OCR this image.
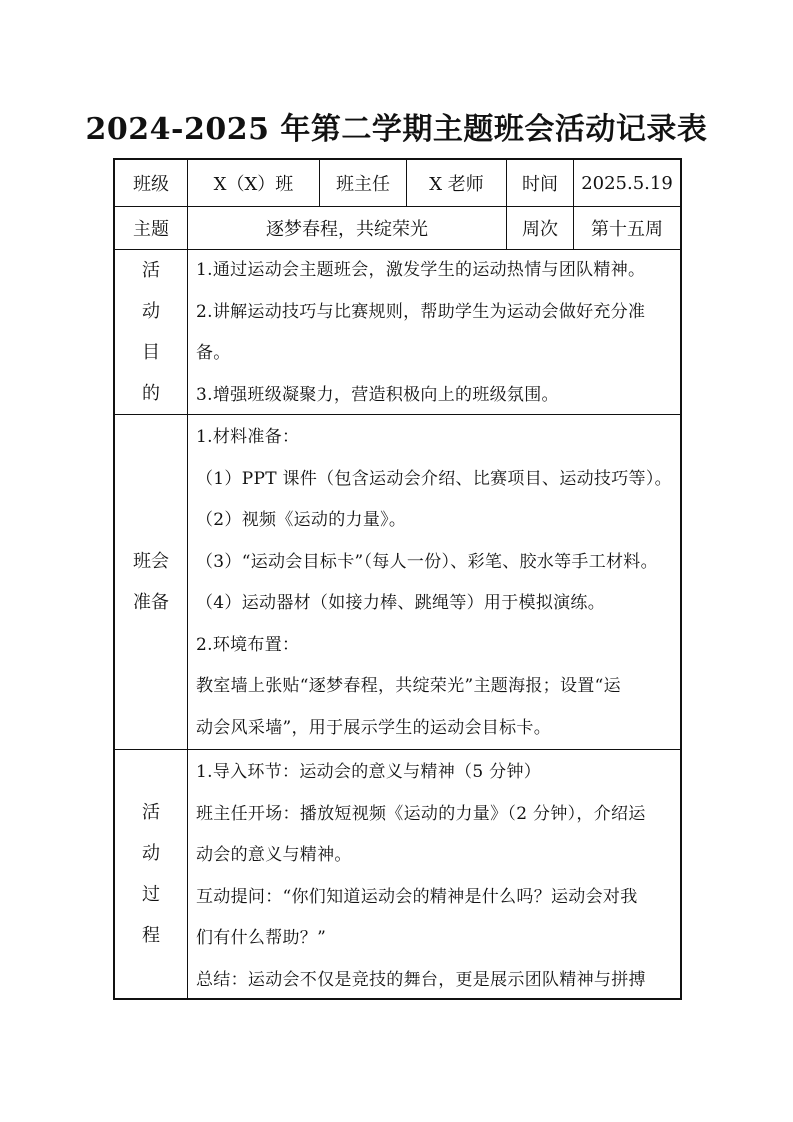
2024-2025 年第二学期主题班会活动记录表
班级 X（X）班 班主任 X 老师 时间 2025.5.19
主题	逐梦春程，共绽荣光	周次 第十五周
活
动
目
的

1.通过运动会主题班会，激发学生的运动热情与团队精神。

2.讲解运动技巧与比赛规则，帮助学生为运动会做好充分准

备。

3.增强班级凝聚力，营造积极向上的班级氛围。

班会
准备

1.材料准备：

（1）PPT 课件（包含运动会介绍、比赛项目、运动技巧等）。

（2）视频《运动的力量》。

（3）“运动会目标卡”（每人一份）、彩笔、胶水等手工材料。

（4）运动器材（如接力棒、跳绳等）用于模拟演练。

2.环境布置：

教室墙上张贴“逐梦春程，共绽荣光”主题海报；设置“运

动会风采墙”，用于展示学生的运动会目标卡。

活
动
过
程

1.导入环节：运动会的意义与精神（5 分钟）

班主任开场：播放短视频《运动的力量》（2 分钟），介绍运

动会的意义与精神。

互动提问：“你们知道运动会的精神是什么吗？运动会对我

们有什么帮助？”

总结：运动会不仅是竞技的舞台，更是展示团队精神与拼搏
